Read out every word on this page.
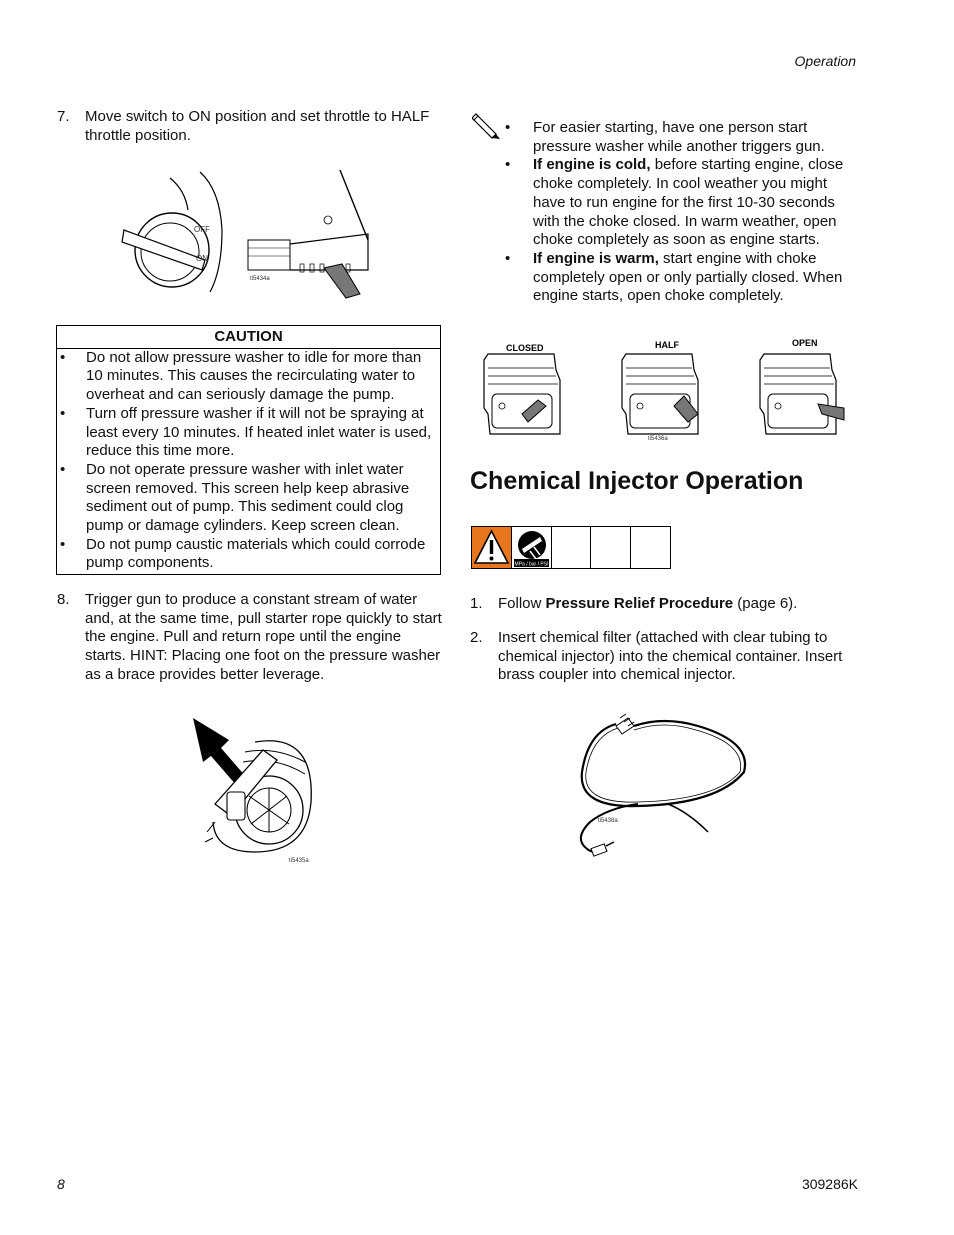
Operation
8	309286K
7.	Move switch to ON position and set throttle to HALF throttle position.
OFF
ON
ti5434a
CAUTION
•	Do not allow pressure washer to idle for more than 10 minutes. This causes the recirculating water to overheat and can seriously damage the pump.
•	Turn off pressure washer if it will not be spraying at least every 10 minutes. If heated inlet water is used, reduce this time more.
•	Do not operate pressure washer with inlet water screen removed. This screen help keep abrasive sediment out of pump. This sediment could clog pump or damage cylinders. Keep screen clean.
•	Do not pump caustic materials which could corrode pump components.
8.	Trigger gun to produce a constant stream of water and, at the same time, pull starter rope quickly to start the engine. Pull and return rope until the engine starts. HINT: Placing one foot on the pressure washer as a brace provides better leverage.
ti5435a
•	For easier starting, have one person start pressure washer while another triggers gun.
•	If engine is cold, before starting engine, close choke completely. In cool weather you might have to run engine for the first 10-30 seconds with the choke closed. In warm weather, open choke completely as soon as engine starts.
•	If engine is warm, start engine with choke completely open or only partially closed. When engine starts, open choke completely.
CLOSED	HALF	OPEN
ti5436a
Chemical Injector Operation
MPa / bar / PSI
1.	Follow Pressure Relief Procedure (page 6).
2.	Insert chemical filter (attached with clear tubing to chemical injector) into the chemical container. Insert brass coupler into chemical injector.
ti5438a
